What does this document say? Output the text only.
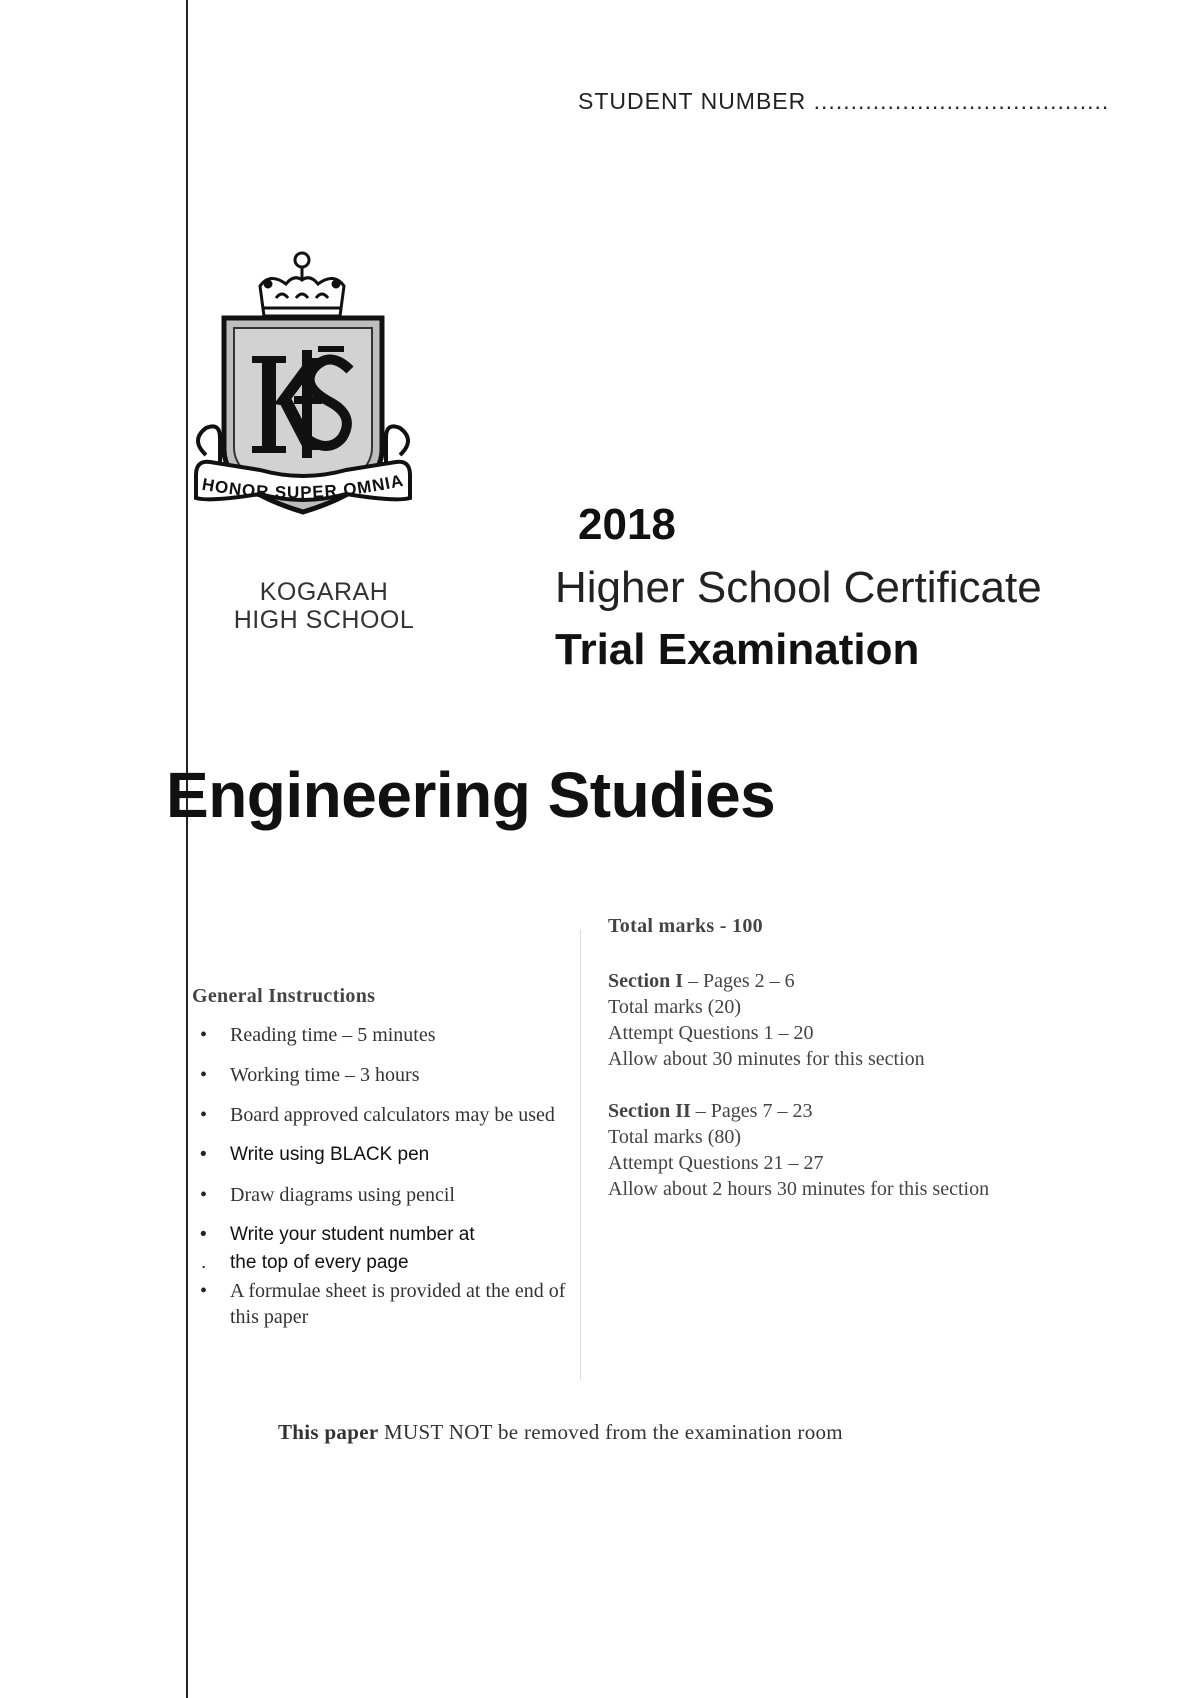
STUDENT NUMBER ........................................
HONOR SUPER OMNIA
KOGARAH
HIGH SCHOOL
2018
Higher School Certificate
Trial Examination
Engineering Studies
General Instructions
• Reading time – 5 minutes
• Working time – 3 hours
• Board approved calculators may be used
• Write using BLACK pen
• Draw diagrams using pencil
• Write your student number at
. the top of every page
• A formulae sheet is provided at the end of this paper
Total marks - 100
Section I – Pages 2 – 6
Total marks (20)
Attempt Questions 1 – 20
Allow about 30 minutes for this section
Section II – Pages 7 – 23
Total marks (80)
Attempt Questions 21 – 27
Allow about 2 hours 30 minutes for this section
This paper MUST NOT be removed from the examination room
